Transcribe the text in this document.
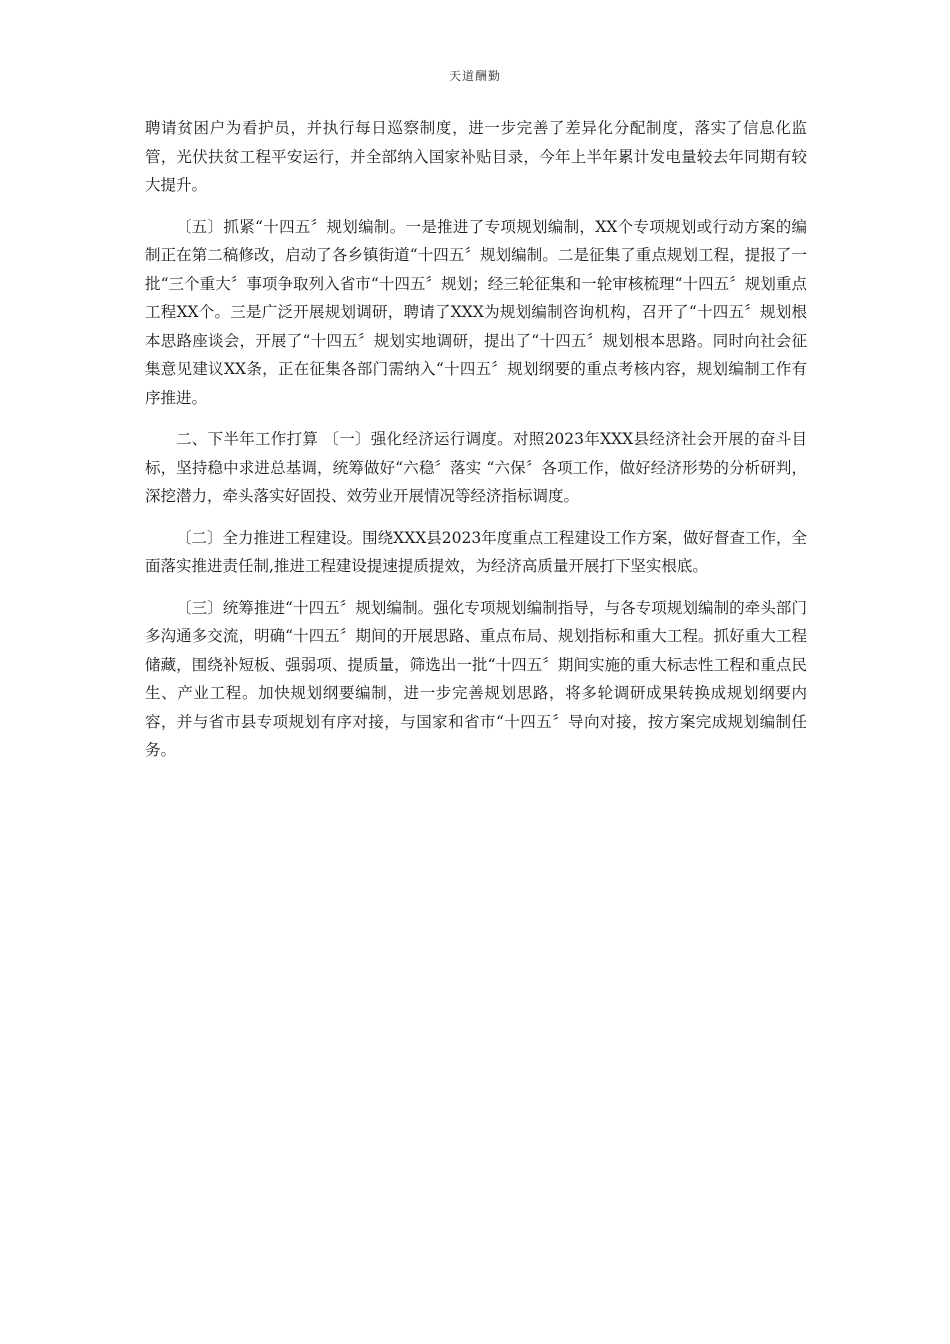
天道酬勤

聘请贫困户为看护员，并执行每日巡察制度，进一步完善了差异化分配制度，落实了信息化监管，光伏扶贫工程平安运行，并全部纳入国家补贴目录，今年上半年累计发电量较去年同期有较大提升。

〔五〕抓紧“十四五〞规划编制。一是推进了专项规划编制，XX个专项规划或行动方案的编制正在第二稿修改，启动了各乡镇街道“十四五〞规划编制。二是征集了重点规划工程，提报了一批“三个重大〞事项争取列入省市“十四五〞规划；经三轮征集和一轮审核梳理“十四五〞规划重点工程XX个。三是广泛开展规划调研，聘请了XXX为规划编制咨询机构，召开了“十四五〞规划根本思路座谈会，开展了“十四五〞规划实地调研，提出了“十四五〞规划根本思路。同时向社会征集意见建议XX条，正在征集各部门需纳入“十四五〞规划纲要的重点考核内容，规划编制工作有序推进。

二、下半年工作打算 〔一〕强化经济运行调度。对照2023年XXX县经济社会开展的奋斗目标，坚持稳中求进总基调，统筹做好“六稳〞落实 “六保〞各项工作，做好经济形势的分析研判，深挖潜力，牵头落实好固投、效劳业开展情况等经济指标调度。

〔二〕全力推进工程建设。围绕XXX县2023年度重点工程建设工作方案，做好督查工作，全面落实推进责任制,推进工程建设提速提质提效，为经济高质量开展打下坚实根底。

〔三〕统筹推进“十四五〞规划编制。强化专项规划编制指导，与各专项规划编制的牵头部门多沟通多交流，明确“十四五〞期间的开展思路、重点布局、规划指标和重大工程。抓好重大工程储藏，围绕补短板、强弱项、提质量，筛选出一批“十四五〞期间实施的重大标志性工程和重点民生、产业工程。加快规划纲要编制，进一步完善规划思路，将多轮调研成果转换成规划纲要内容，并与省市县专项规划有序对接，与国家和省市“十四五〞导向对接，按方案完成规划编制任务。
